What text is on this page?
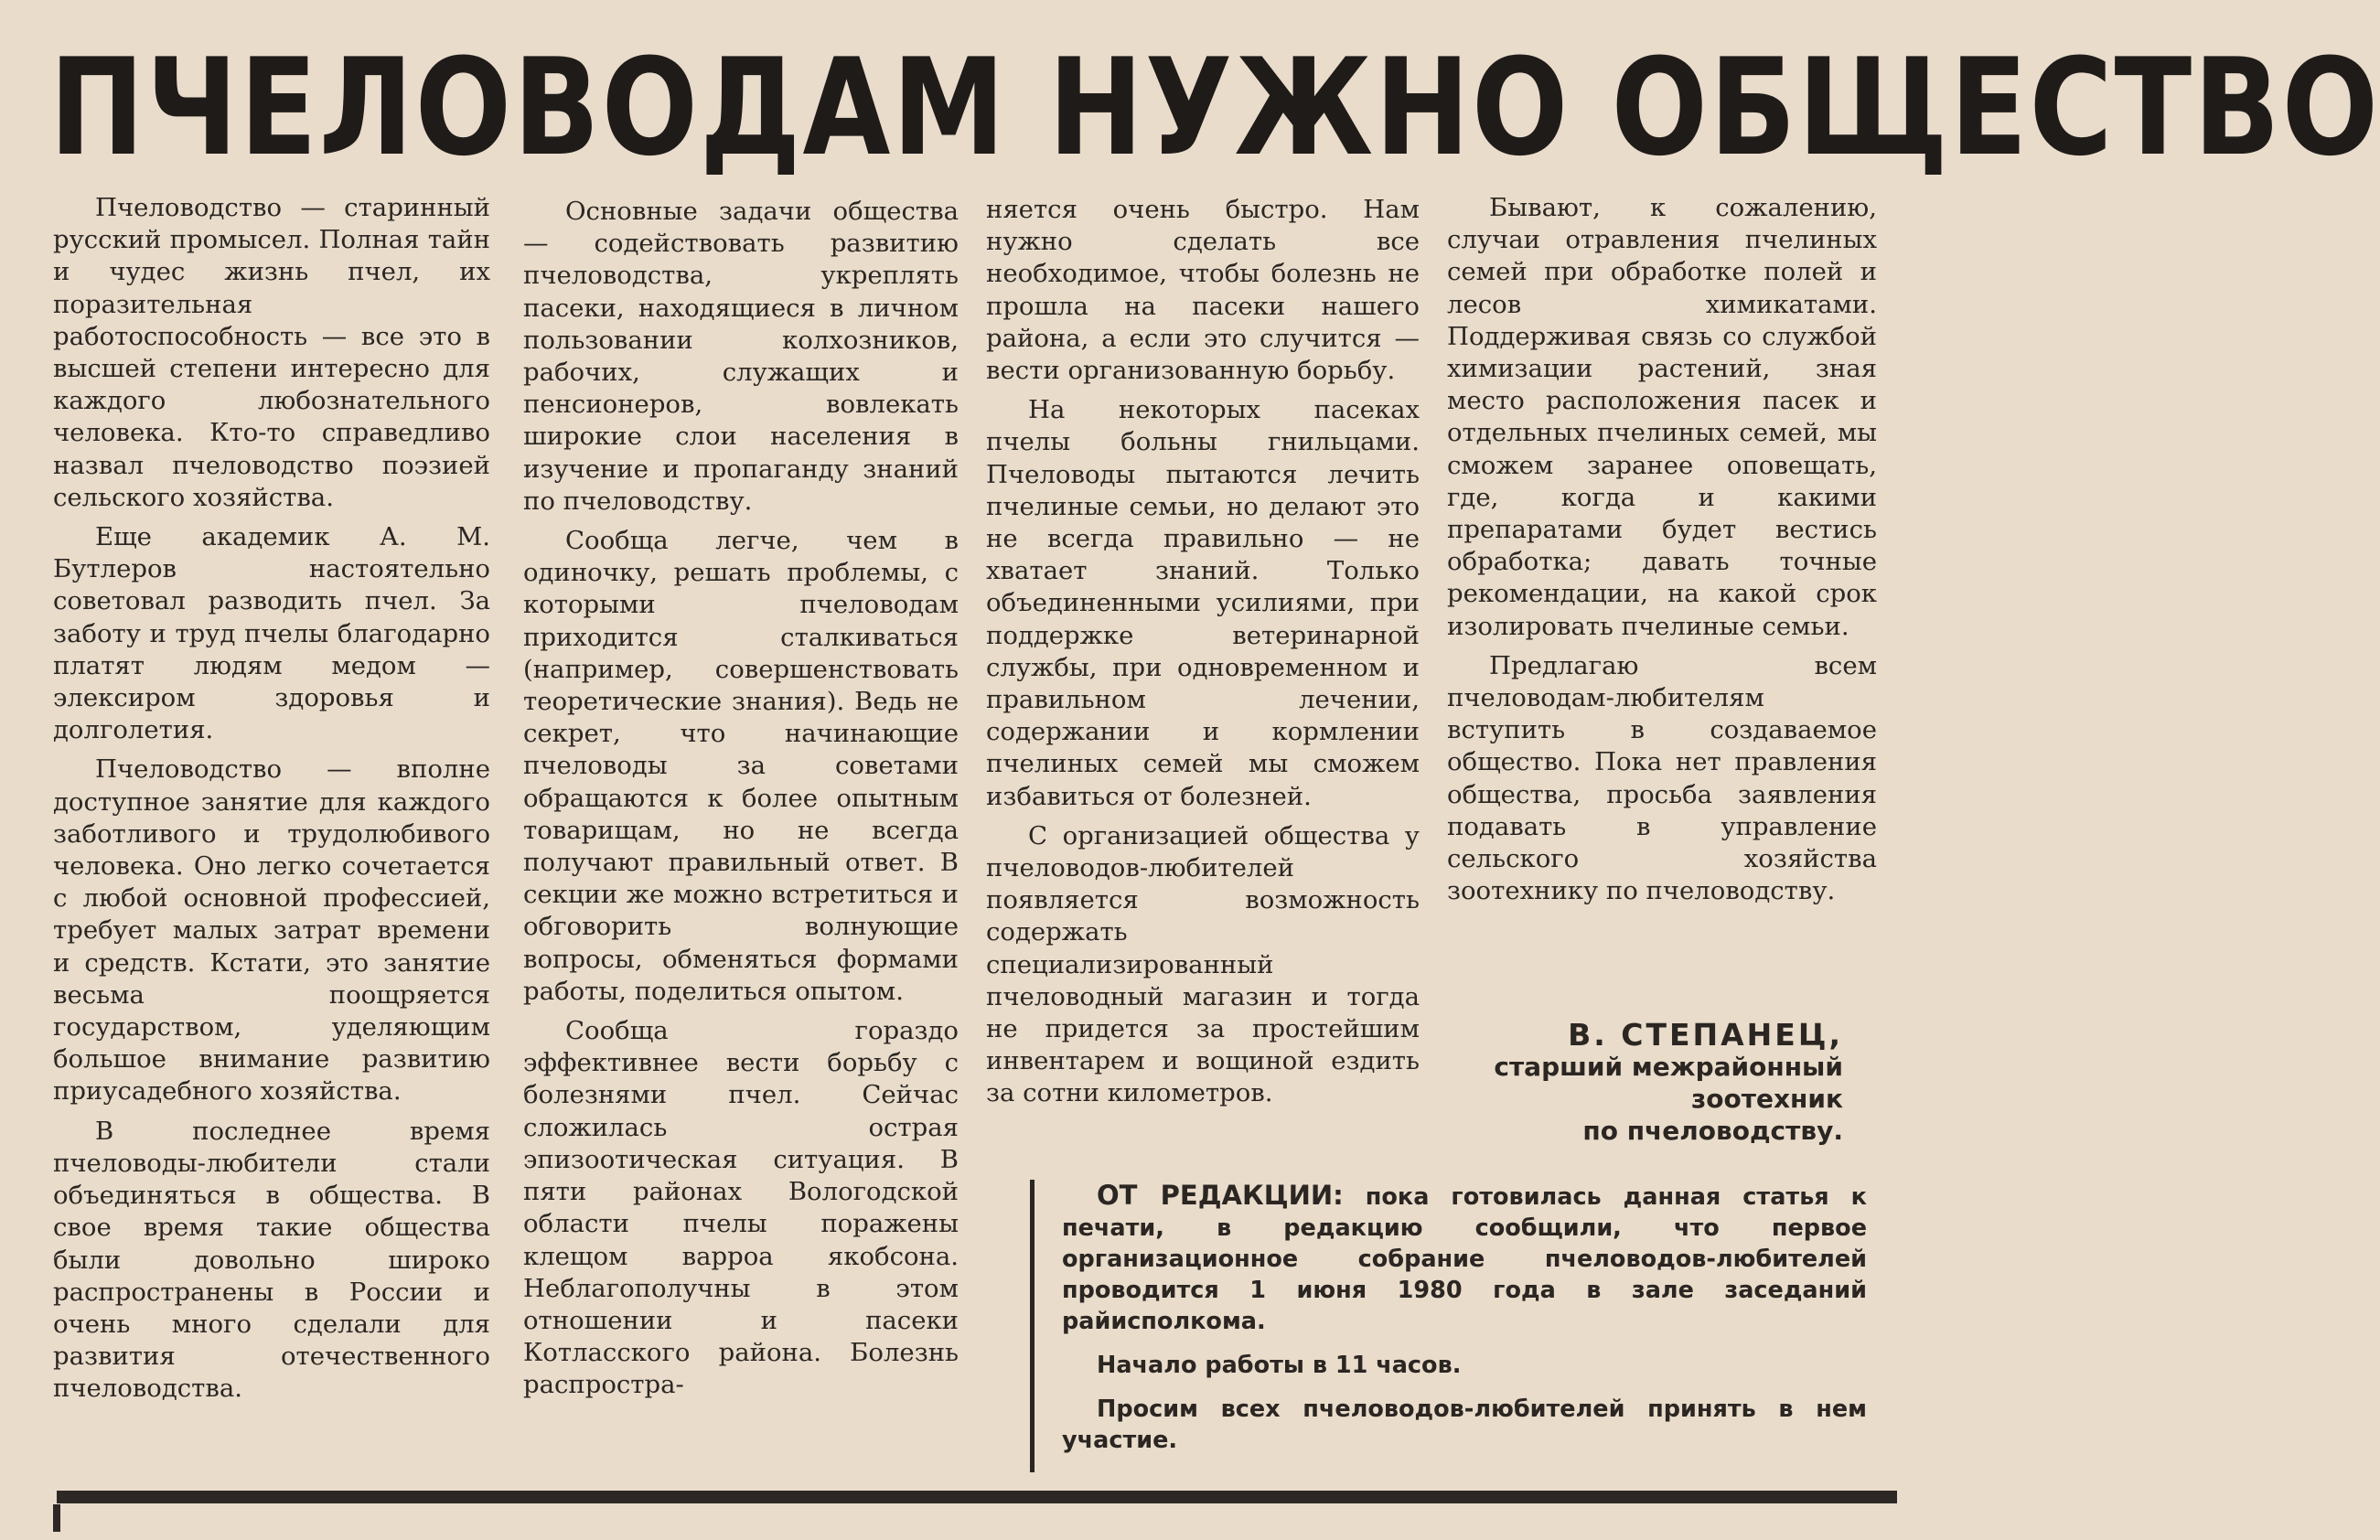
ПЧЕЛОВОДАМ НУЖНО ОБЩЕСТВО

Пчеловодство — старинный русский промысел. Полная тайн и чудес жизнь пчел, их поразительная работоспособность — все это в высшей степени интересно для каждого любознательного человека. Кто-то справедливо назвал пчеловодство поэзией сельского хозяйства.

Еще академик А. М. Бутлеров настоятельно советовал разводить пчел. За заботу и труд пчелы благодарно платят людям медом — элексиром здоровья и долголетия.

Пчеловодство — вполне доступное занятие для каждого заботливого и трудолюбивого человека. Оно легко сочетается с любой основной профессией, требует малых затрат времени и средств. Кстати, это занятие весьма поощряется государством, уделяющим большое внимание развитию приусадебного хозяйства.

В последнее время пчеловоды-любители стали объединяться в общества. В свое время такие общества были довольно широко распространены в России и очень много сделали для развития отечественного пчеловодства.

Основные задачи общества — содействовать развитию пчеловодства, укреплять пасеки, находящиеся в личном пользовании колхозников, рабочих, служащих и пенсионеров, вовлекать широкие слои населения в изучение и пропаганду знаний по пчеловодству.

Сообща легче, чем в одиночку, решать проблемы, с которыми пчеловодам приходится сталкиваться (например, совершенствовать теоретические знания). Ведь не секрет, что начинающие пчеловоды за советами обращаются к более опытным товарищам, но не всегда получают правильный ответ. В секции же можно встретиться и обговорить волнующие вопросы, обменяться формами работы, поделиться опытом.

Сообща гораздо эффективнее вести борьбу с болезнями пчел. Сейчас сложилась острая эпизоотическая ситуация. В пяти районах Вологодской области пчелы поражены клещом варроа якобсона. Неблагополучны в этом отношении и пасеки Котласского района. Болезнь распростра-

няется очень быстро. Нам нужно сделать все необходимое, чтобы болезнь не прошла на пасеки нашего района, а если это случится — вести организованную борьбу.

На некоторых пасеках пчелы больны гнильцами. Пчеловоды пытаются лечить пчелиные семьи, но делают это не всегда правильно — не хватает знаний. Только объединенными усилиями, при поддержке ветеринарной службы, при одновременном и правильном лечении, содержании и кормлении пчелиных семей мы сможем избавиться от болезней.

С организацией общества у пчеловодов-любителей появляется возможность содержать специализированный пчеловодный магазин и тогда не придется за простейшим инвентарем и вощиной ездить за сотни километров.

Бывают, к сожалению, случаи отравления пчелиных семей при обработке полей и лесов химикатами. Поддерживая связь со службой химизации растений, зная место расположения пасек и отдельных пчелиных семей, мы сможем заранее оповещать, где, когда и какими препаратами будет вестись обработка; давать точные рекомендации, на какой срок изолировать пчелиные семьи.

Предлагаю всем пчеловодам-любителям вступить в создаваемое общество. Пока нет правления общества, просьба заявления подавать в управление сельского хозяйства зоотехнику по пчеловодству.

В. СТЕПАНЕЦ,
старший межрайонный
зоотехник
по пчеловодству.

ОТ РЕДАКЦИИ: пока готовилась данная статья к печати, в редакцию сообщили, что первое организационное собрание пчеловодов-любителей проводится 1 июня 1980 года в зале заседаний райисполкома.

Начало работы в 11 часов.

Просим всех пчеловодов-любителей принять в нем участие.
